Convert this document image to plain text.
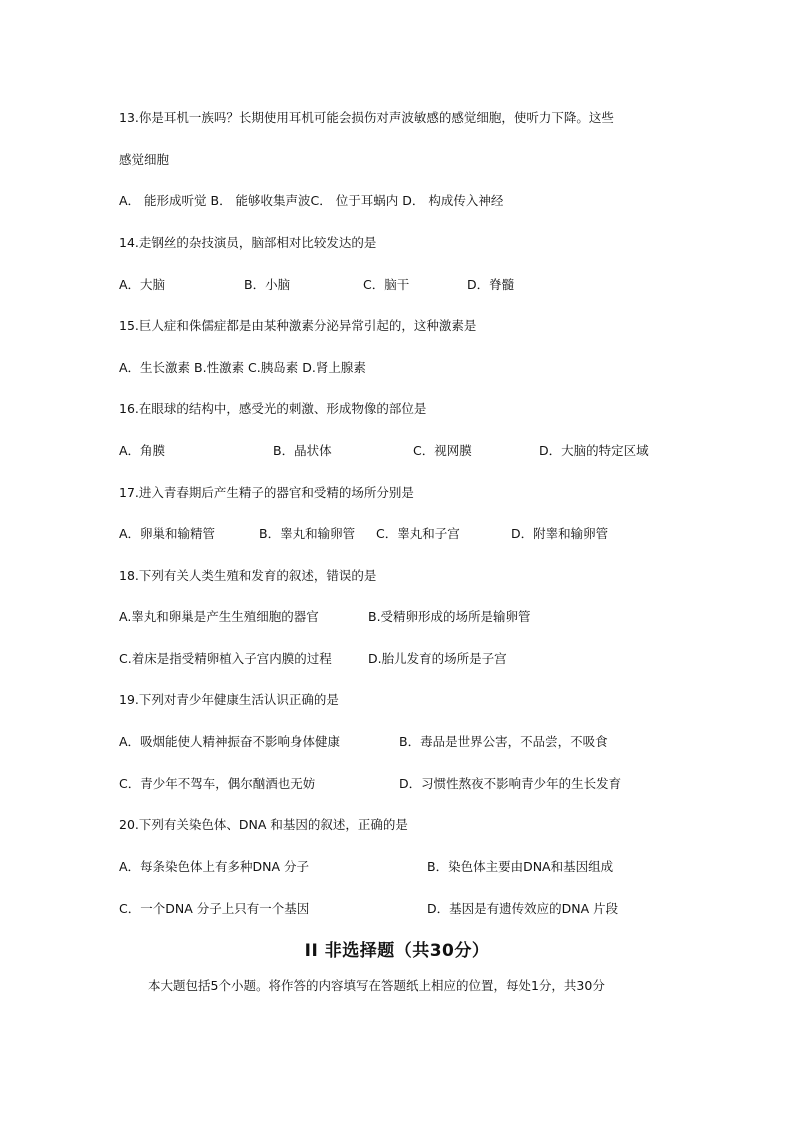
13.你是耳机一族吗？长期使用耳机可能会损伤对声波敏感的感觉细胞，使听力下降。这些
感觉细胞
A． 能形成听觉 B． 能够收集声波C． 位于耳蜗内 D． 构成传入神经
14.走钢丝的杂技演员，脑部相对比较发达的是
A．大脑	B．小脑	C．脑干	D．脊髓
15.巨人症和侏儒症都是由某种激素分泌异常引起的，这种激素是
A．生长激素 B.性激素 C.胰岛素 D.肾上腺素
16.在眼球的结构中，感受光的刺激、形成物像的部位是
A．角膜	B．晶状体	C．视网膜	D．大脑的特定区域
17.进入青春期后产生精子的器官和受精的场所分别是
A．卵巢和输精管	B．睾丸和输卵管 C．睾丸和子宫	D．附睾和输卵管
18.下列有关人类生殖和发育的叙述，错误的是
A.睾丸和卵巢是产生生殖细胞的器官	B.受精卵形成的场所是输卵管
C.着床是指受精卵植入子宫内膜的过程	D.胎儿发育的场所是子宫
19.下列对青少年健康生活认识正确的是
A．吸烟能使人精神振奋不影响身体健康	B．毒品是世界公害，不品尝，不吸食
C．青少年不驾车，偶尔酗酒也无妨	D．习惯性熬夜不影响青少年的生长发育
20.下列有关染色体、DNA 和基因的叙述，正确的是
A．每条染色体上有多种DNA 分子	B．染色体主要由DNA和基因组成
C．一个DNA 分子上只有一个基因	D．基因是有遗传效应的DNA 片段
II 非选择题（共30分）
本大题包括5个小题。将作答的内容填写在答题纸上相应的位置，每处1分，共30分
